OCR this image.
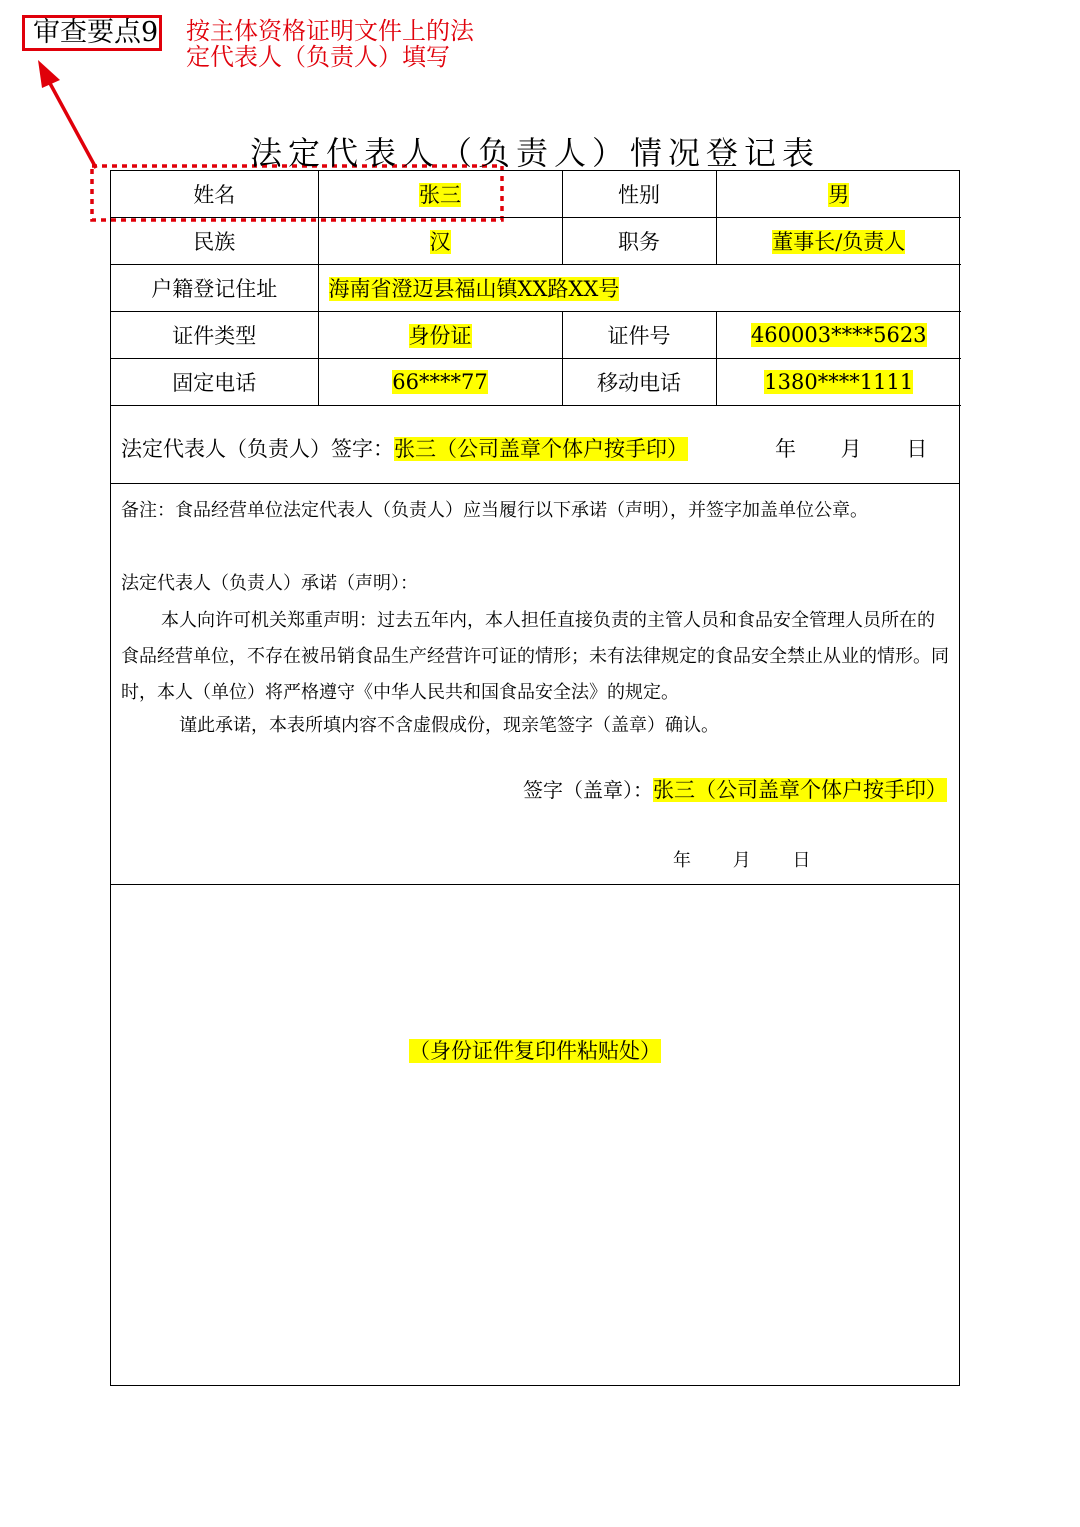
审查要点9 按主体资格证明文件上的法定代表人（负责人）填写
法定代表人（负责人）情况登记表
姓名	张三	性别	男
民族	汉	职务	董事长/负责人
户籍登记住址	海南省澄迈县福山镇XX路XX号		
证件类型	身份证	证件号	460003****5623
固定电话	66****77	移动电话	1380****1111
法定代表人（负责人）签字：张三（公司盖章个体户按手印）	年 月 日
备注：食品经营单位法定代表人（负责人）应当履行以下承诺（声明），并签字加盖单位公章。
法定代表人（负责人）承诺（声明）：
本人向许可机关郑重声明：过去五年内，本人担任直接负责的主管人员和食品安全管理人员所在的食品经营单位，不存在被吊销食品生产经营许可证的情形；未有法律规定的食品安全禁止从业的情形。同时，本人（单位）将严格遵守《中华人民共和国食品安全法》的规定。
谨此承诺，本表所填内容不含虚假成份，现亲笔签字（盖章）确认。
签字（盖章）：张三（公司盖章个体户按手印）
年 月 日
（身份证件复印件粘贴处）
